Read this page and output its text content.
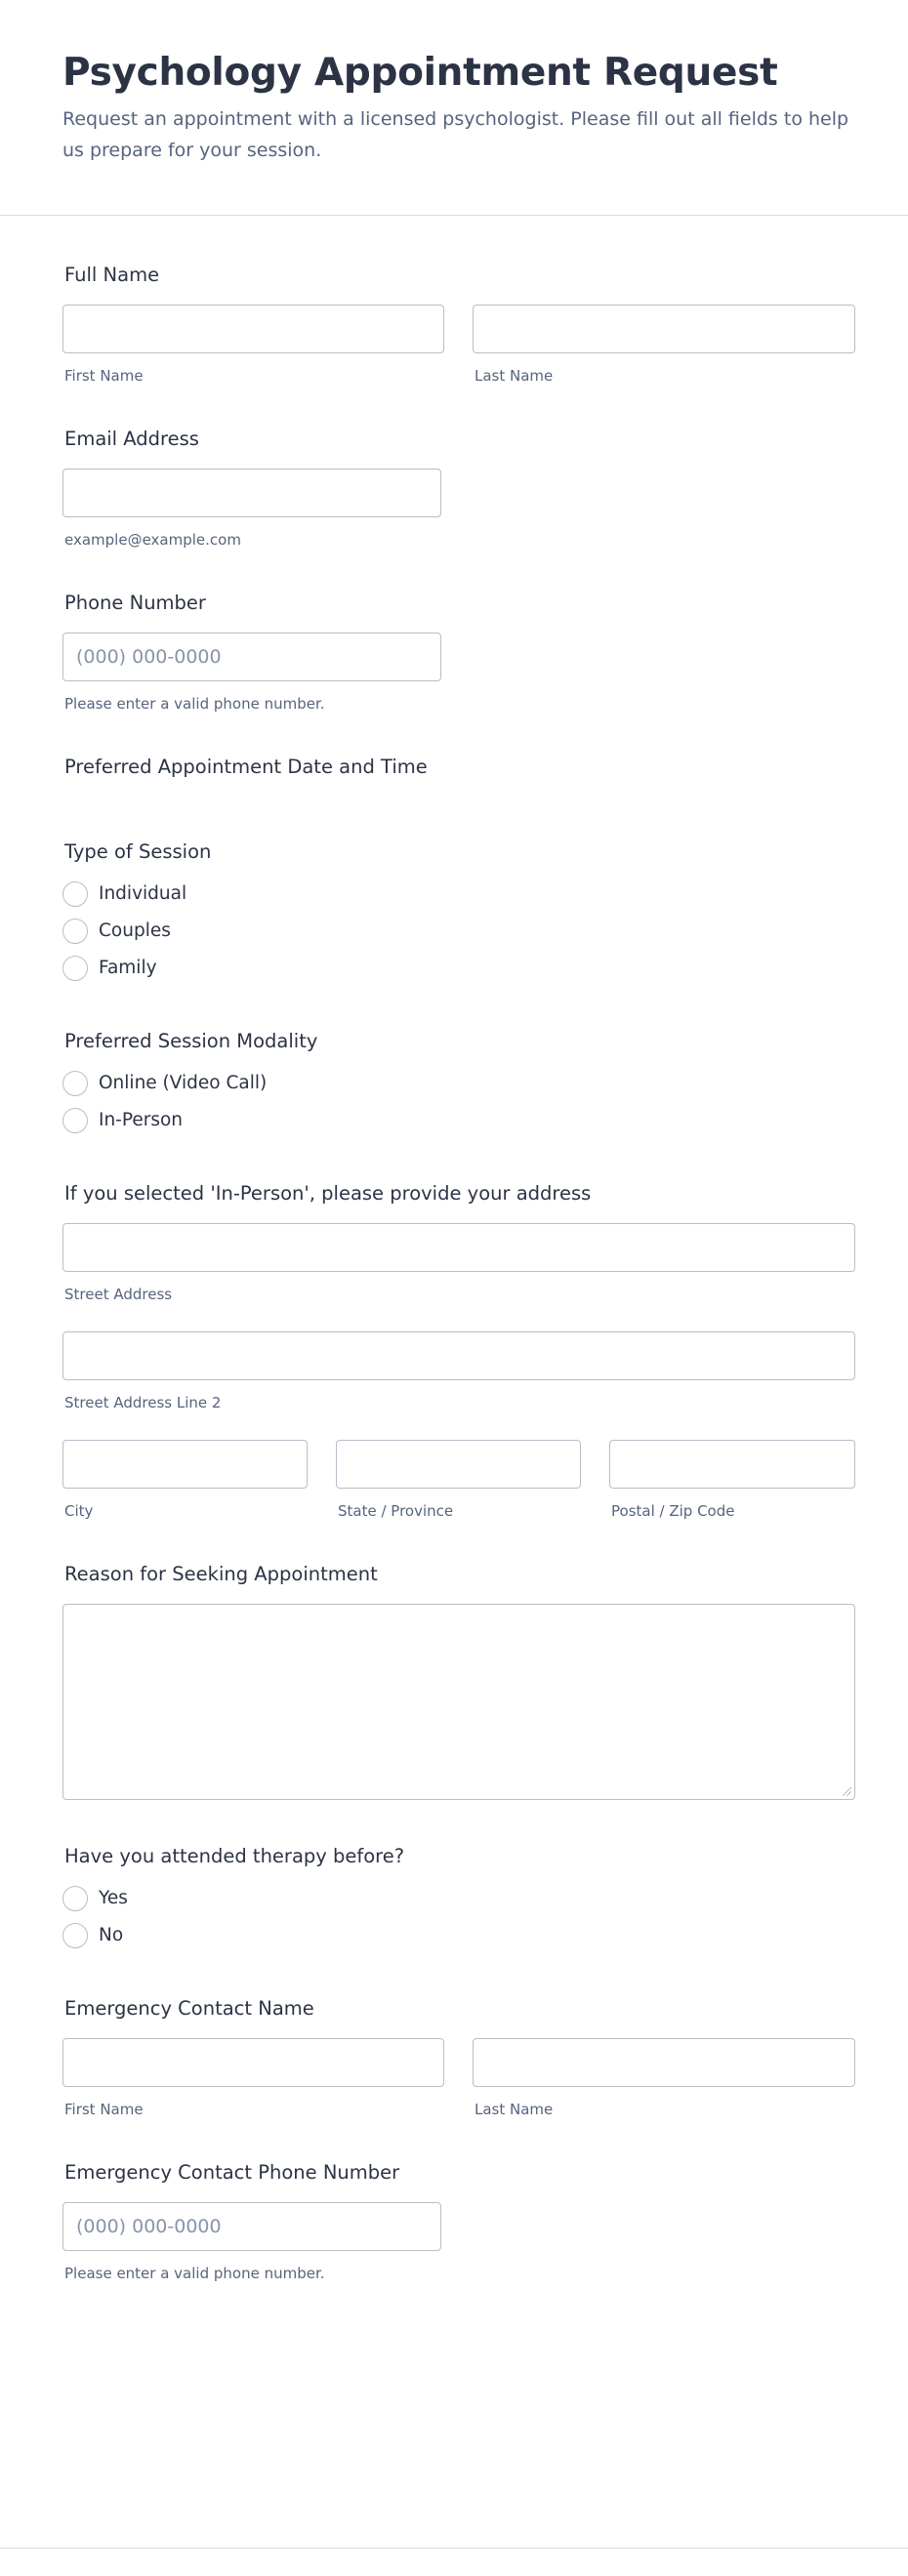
Psychology Appointment Request
Request an appointment with a licensed psychologist. Please fill out all fields to help us prepare for your session.
Full Name
First Name	Last Name
Email Address
example@example.com
Phone Number
(000) 000-0000
Please enter a valid phone number.
Preferred Appointment Date and Time
Type of Session
Individual
Couples
Family
Preferred Session Modality
Online (Video Call)
In-Person
If you selected 'In-Person', please provide your address
Street Address
Street Address Line 2
City	State / Province	Postal / Zip Code
Reason for Seeking Appointment
Have you attended therapy before?
Yes
No
Emergency Contact Name
First Name	Last Name
Emergency Contact Phone Number
(000) 000-0000
Please enter a valid phone number.
